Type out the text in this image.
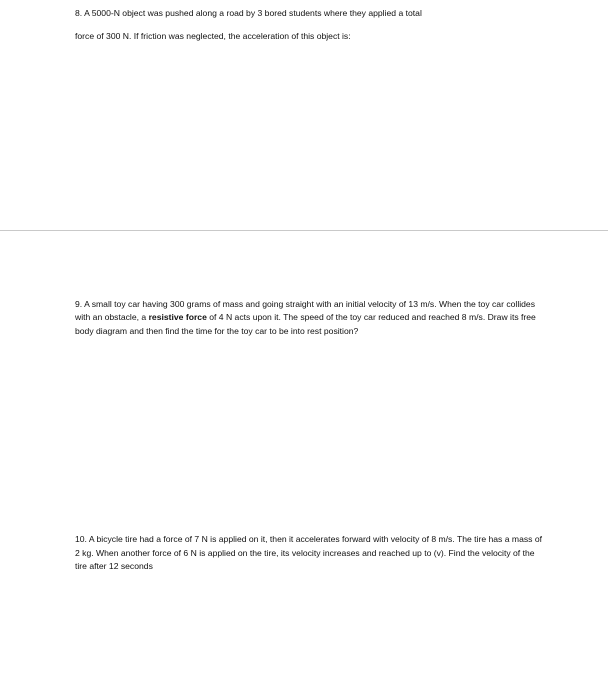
8. A 5000-N object was pushed along a road by 3 bored students where they applied a total
force of 300 N. If friction was neglected, the acceleration of this object is:
9. A small toy car having 300 grams of mass and going straight with an initial velocity of 13 m/s. When the toy car collides with an obstacle, a resistive force of 4 N acts upon it. The speed of the toy car reduced and reached 8 m/s. Draw its free body diagram and then find the time for the toy car to be into rest position?
10. A bicycle tire had a force of 7 N is applied on it, then it accelerates forward with velocity of 8 m/s. The tire has a mass of 2 kg. When another force of 6 N is applied on the tire, its velocity increases and reached up to (v). Find the velocity of the tire after 12 seconds
